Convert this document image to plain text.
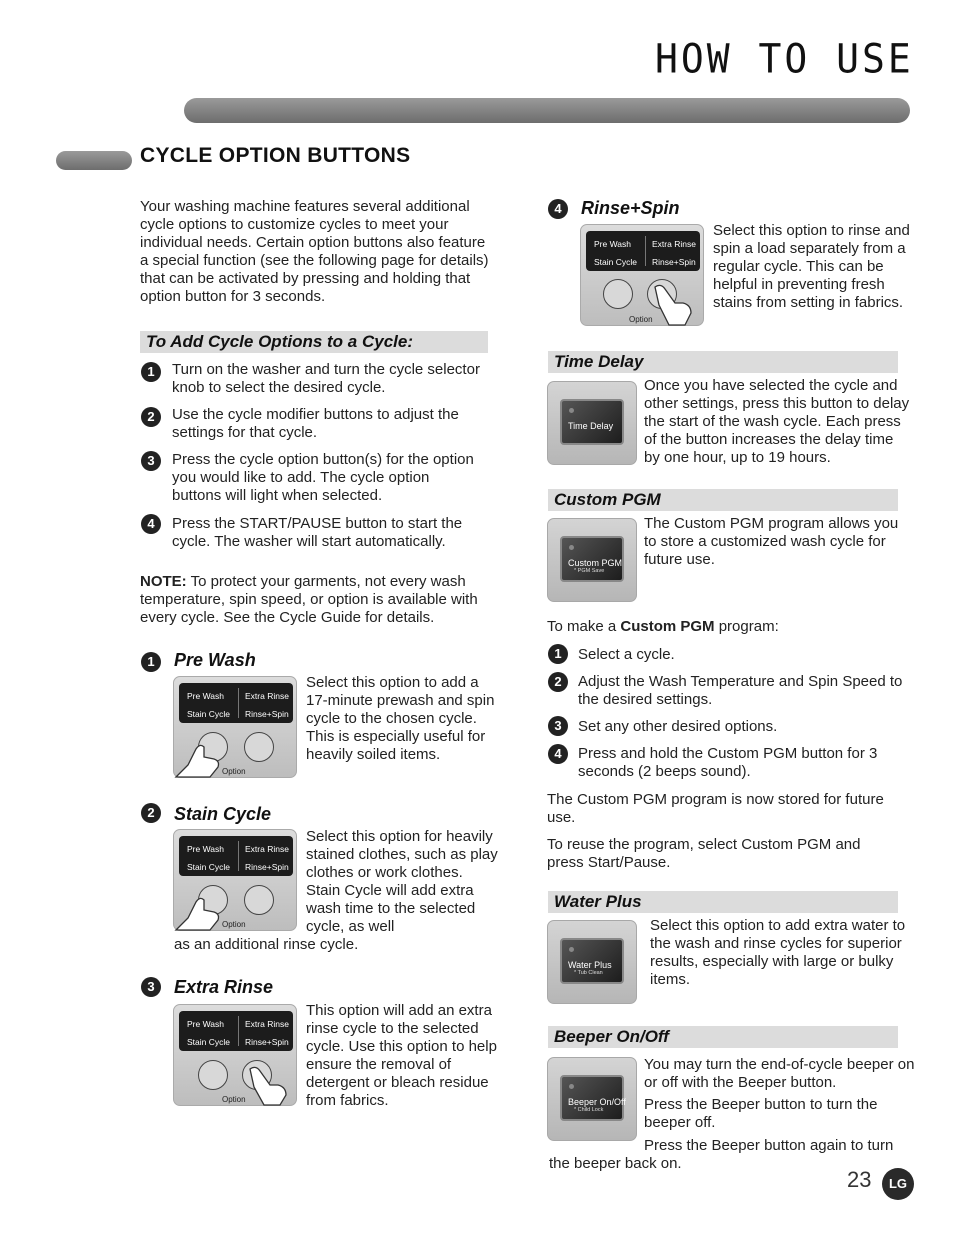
HOW TO USE
CYCLE OPTION BUTTONS
Your washing machine features several additional cycle options to customize cycles to meet your individual needs. Certain option buttons also feature a special function (see the following page for details) that can be activated by pressing and holding that option button for 3 seconds.
To Add Cycle Options to a Cycle:
1	Turn on the washer and turn the cycle selector knob to select the desired cycle.
2	Use the cycle modifier buttons to adjust the settings for that cycle.
3	Press the cycle option button(s) for the option you would like to add. The cycle option buttons will light when selected.
4	Press the START/PAUSE button to start the cycle. The washer will start automatically.
NOTE: To protect your garments, not every wash temperature, spin speed, or option is available with every cycle. See the Cycle Guide for details.
1	Pre Wash
Pre Wash Extra Rinse
Stain Cycle Rinse+Spin
Option
Select this option to add a 17-minute prewash and spin cycle to the chosen cycle. This is especially useful for heavily soiled items.
2	Stain Cycle
Pre Wash Extra Rinse
Stain Cycle Rinse+Spin
Option
Select this option for heavily stained clothes, such as play clothes or work clothes. Stain Cycle will add extra wash time to the selected cycle, as well
as an additional rinse cycle.
3	Extra Rinse
Pre Wash Extra Rinse
Stain Cycle Rinse+Spin
Option
This option will add an extra rinse cycle to the selected cycle. Use this option to help ensure the removal of detergent or bleach residue from fabrics.
4	Rinse+Spin
Pre Wash Extra Rinse
Stain Cycle Rinse+Spin
Option
Select this option to rinse and spin a load separately from a regular cycle. This can be helpful in preventing fresh stains from setting in fabrics.
Time Delay
Time Delay
Once you have selected the cycle and other settings, press this button to delay the start of the wash cycle. Each press of the button increases the delay time by one hour, up to 19 hours.
Custom PGM
Custom PGM
* PGM Save
The Custom PGM program allows you to store a customized wash cycle for future use.
To make a Custom PGM program:
1	Select a cycle.
2	Adjust the Wash Temperature and Spin Speed to the desired settings.
3	Set any other desired options.
4	Press and hold the Custom PGM button for 3 seconds (2 beeps sound).
The Custom PGM program is now stored for future use.
To reuse the program, select Custom PGM and press Start/Pause.
Water Plus
Water Plus
* Tub Clean
Select this option to add extra water to the wash and rinse cycles for superior results, especially with large or bulky items.
Beeper On/Off
Beeper On/Off
* Child Lock
You may turn the end-of-cycle beeper on or off with the Beeper button.
Press the Beeper button to turn the beeper off.
Press the Beeper button again to turn
the beeper back on.
23	LG
